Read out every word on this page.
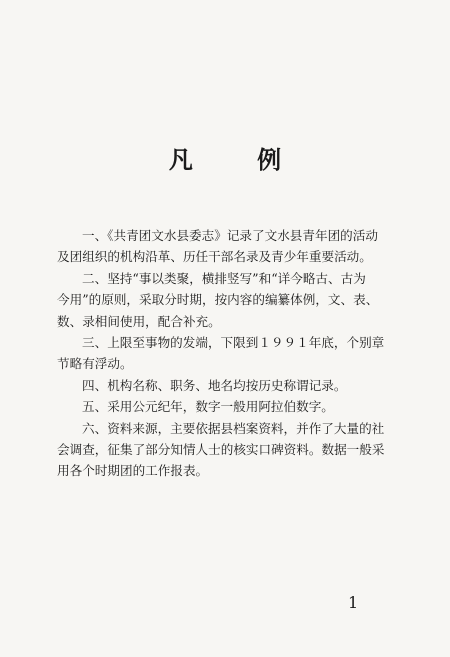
凡 例
一、《共青团文水县委志》记录了文水县青年团的活动
及团组织的机构沿革、历任干部名录及青少年重要活动。
二、坚持“事以类聚，横排竖写”和“详今略古、古为
今用”的原则，采取分时期，按内容的编纂体例，文、表、
数、录相间使用，配合补充。
三、上限至事物的发端，下限到１９９１年底，个别章
节略有浮动。
四、机构名称、职务、地名均按历史称谓记录。
五、采用公元纪年，数字一般用阿拉伯数字。
六、资料来源，主要依据县档案资料，并作了大量的社
会调查，征集了部分知情人士的核实口碑资料。数据一般采
用各个时期团的工作报表。
1
